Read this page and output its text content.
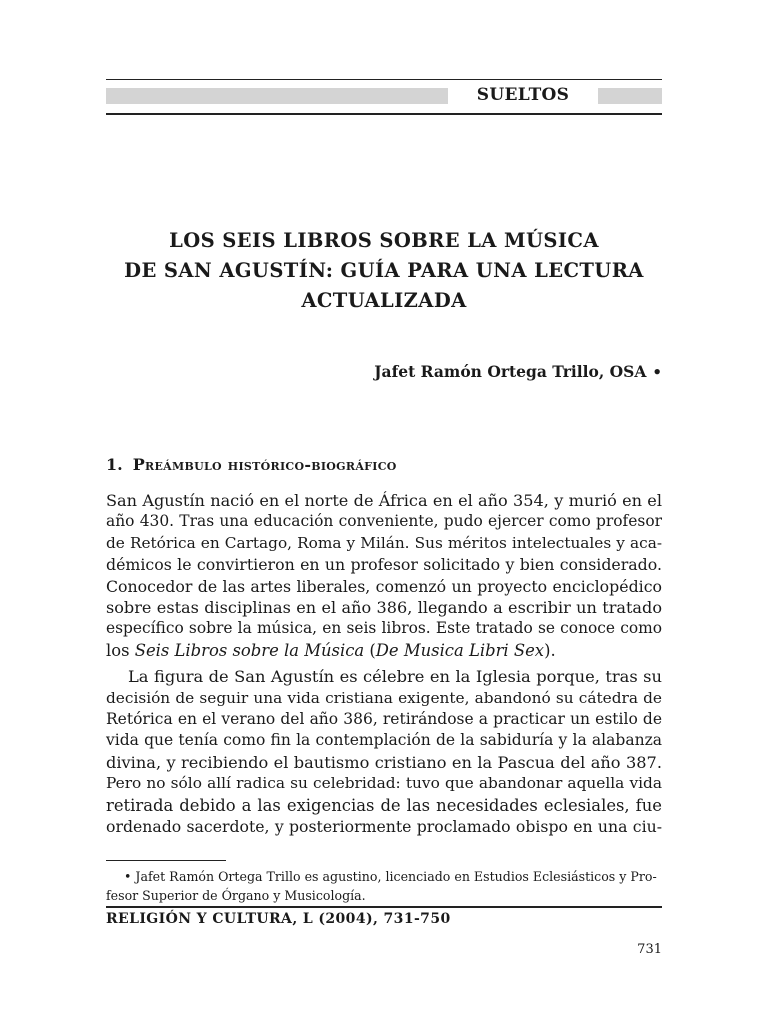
SUELTOS
LOS SEIS LIBROS SOBRE LA MÚSICA
DE SAN AGUSTÍN: GUÍA PARA UNA LECTURA
ACTUALIZADA
Jafet Ramón Ortega Trillo, OSA •
1. Preámbulo histórico-biográfico

San Agustín nació en el norte de África en el año 354, y murió en el
año 430. Tras una educación conveniente, pudo ejercer como profesor
de Retórica en Cartago, Roma y Milán. Sus méritos intelectuales y aca-
démicos le convirtieron en un profesor solicitado y bien considerado.
Conocedor de las artes liberales, comenzó un proyecto enciclopédico
sobre estas disciplinas en el año 386, llegando a escribir un tratado
específico sobre la música, en seis libros. Este tratado se conoce como
los Seis Libros sobre la Música (De Musica Libri Sex).

La figura de San Agustín es célebre en la Iglesia porque, tras su
decisión de seguir una vida cristiana exigente, abandonó su cátedra de
Retórica en el verano del año 386, retirándose a practicar un estilo de
vida que tenía como fin la contemplación de la sabiduría y la alabanza
divina, y recibiendo el bautismo cristiano en la Pascua del año 387.
Pero no sólo allí radica su celebridad: tuvo que abandonar aquella vida
retirada debido a las exigencias de las necesidades eclesiales, fue
ordenado sacerdote, y posteriormente proclamado obispo en una ciu-

• Jafet Ramón Ortega Trillo es agustino, licenciado en Estudios Eclesiásticos y Pro-
fesor Superior de Órgano y Musicología.
RELIGIÓN Y CULTURA, L (2004), 731-750
731
